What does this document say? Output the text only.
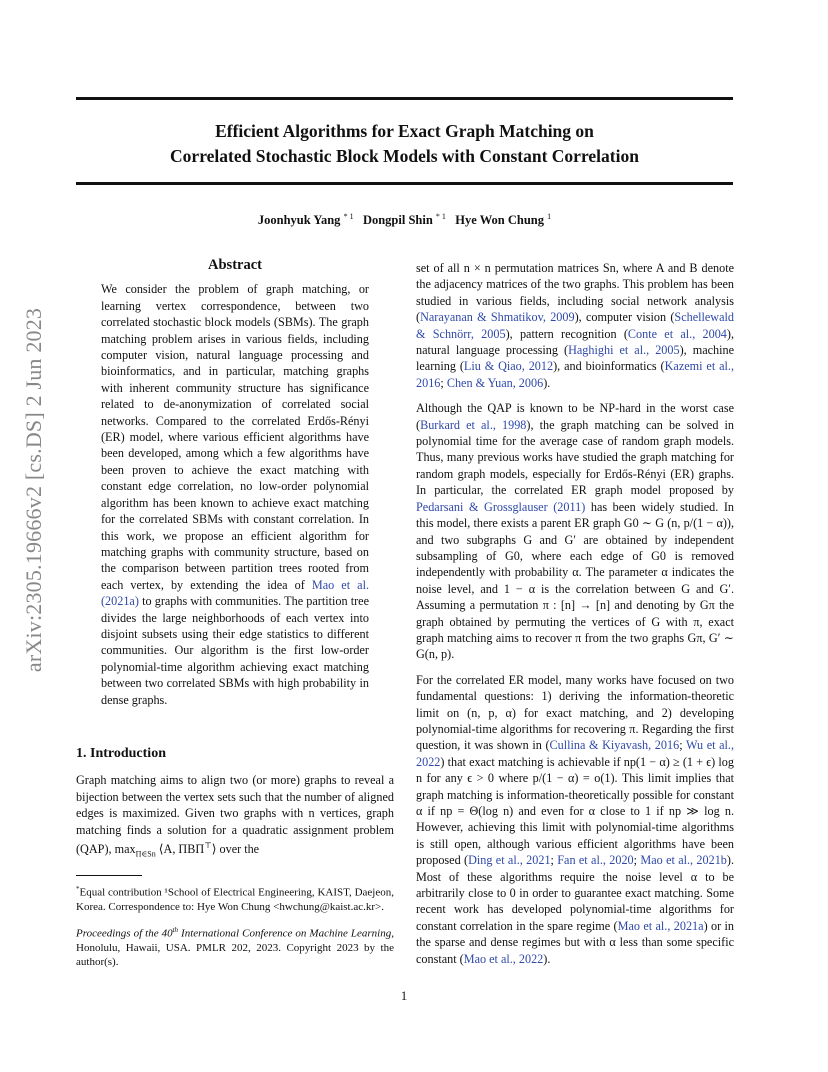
Efficient Algorithms for Exact Graph Matching on
Correlated Stochastic Block Models with Constant Correlation
Joonhyuk Yang $^{* 1}$ Dongpil Shin $^{* 1}$ Hye Won Chung $^1$
arXiv:2305.19666v2 [cs.DS] 2 Jun 2023
Abstract
We consider the problem of graph matching, or learning vertex correspondence, between two correlated stochastic block models (SBMs). The graph matching problem arises in various fields, including computer vision, natural language processing and bioinformatics, and in particular, matching graphs with inherent community structure has significance related to de-anonymization of correlated social networks. Compared to the correlated Erdős-Rényi (ER) model, where various efficient algorithms have been developed, among which a few algorithms have been proven to achieve the exact matching with constant edge correlation, no low-order polynomial algorithm has been known to achieve exact matching for the correlated SBMs with constant correlation. In this work, we propose an efficient algorithm for matching graphs with community structure, based on the comparison between partition trees rooted from each vertex, by extending the idea of Mao et al. (2021a) to graphs with communities. The partition tree divides the large neighborhoods of each vertex into disjoint subsets using their edge statistics to different communities. Our algorithm is the first low-order polynomial-time algorithm achieving exact matching between two correlated SBMs with high probability in dense graphs.
1. Introduction
Graph matching aims to align two (or more) graphs to reveal a bijection between the vertex sets such that the number of aligned edges is maximized. Given two graphs with n vertices, graph matching finds a solution for a quadratic assignment problem (QAP), $\max_{\Pi\in Sn}$ ⟨A, ΠBΠ⊤⟩ over the
*Equal contribution ¹School of Electrical Engineering, KAIST, Daejeon, Korea. Correspondence to: Hye Won Chung <hwchung@kaist.ac.kr>.
Proceedings of the 40th International Conference on Machine Learning, Honolulu, Hawaii, USA. PMLR 202, 2023. Copyright 2023 by the author(s).
set of all n × n permutation matrices Sn, where A and B denote the adjacency matrices of the two graphs. This problem has been studied in various fields, including social network analysis (Narayanan & Shmatikov, 2009), computer vision (Schellewald & Schnörr, 2005), pattern recognition (Conte et al., 2004), natural language processing (Haghighi et al., 2005), machine learning (Liu & Qiao, 2012), and bioinformatics (Kazemi et al., 2016; Chen & Yuan, 2006).
Although the QAP is known to be NP-hard in the worst case (Burkard et al., 1998), the graph matching can be solved in polynomial time for the average case of random graph models. Thus, many previous works have studied the graph matching for random graph models, especially for Erdős-Rényi (ER) graphs. In particular, the correlated ER graph model proposed by Pedarsani & Grossglauser (2011) has been widely studied. In this model, there exists a parent ER graph G0 ∼ G (n, p/(1 − α)), and two subgraphs G and G′ are obtained by independent subsampling of G0, where each edge of G0 is removed independently with probability α. The parameter α indicates the noise level, and 1 − α is the correlation between G and G′. Assuming a permutation π : [n] → [n] and denoting by Gπ the graph obtained by permuting the vertices of G with π, exact graph matching aims to recover π from the two graphs Gπ, G′ ∼ G(n, p).
For the correlated ER model, many works have focused on two fundamental questions: 1) deriving the information-theoretic limit on (n, p, α) for exact matching, and 2) developing polynomial-time algorithms for recovering π. Regarding the first question, it was shown in (Cullina & Kiyavash, 2016; Wu et al., 2022) that exact matching is achievable if np(1 − α) ≥ (1 + ϵ) log n for any ϵ > 0 where p/(1 − α) = o(1). This limit implies that graph matching is information-theoretically possible for constant α if np = Θ(log n) and even for α close to 1 if np ≫ log n. However, achieving this limit with polynomial-time algorithms is still open, although various efficient algorithms have been proposed (Ding et al., 2021; Fan et al., 2020; Mao et al., 2021b). Most of these algorithms require the noise level α to be arbitrarily close to 0 in order to guarantee exact matching. Some recent work has developed polynomial-time algorithms for constant correlation in the spare regime (Mao et al., 2021a) or in the sparse and dense regimes but with α less than some specific constant (Mao et al., 2022).
1
